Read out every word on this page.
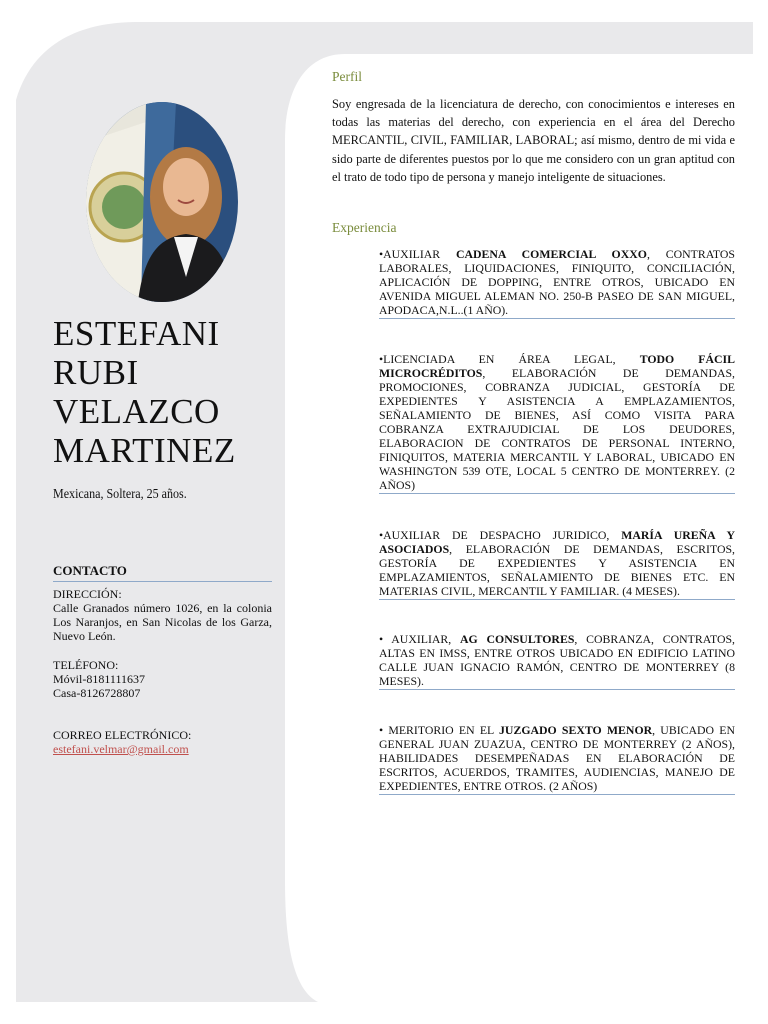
ESTEFANI
RUBI
VELAZCO
MARTINEZ
Mexicana, Soltera, 25 años.
CONTACTO
DIRECCIÓN:
Calle Granados número 1026, en la colonia Los Naranjos, en San Nicolas de los Garza, Nuevo León.
TELÉFONO:
Móvil-8181111637
Casa-8126728807
CORREO ELECTRÓNICO:
estefani.velmar@gmail.com
Perfil
Soy engresada de la licenciatura de derecho, con conocimientos e intereses en todas las materias del derecho, con experiencia en el área del Derecho MERCANTIL, CIVIL, FAMILIAR, LABORAL; así mismo, dentro de mi vida e sido parte de diferentes puestos por lo que me considero con un gran aptitud con el trato de todo tipo de persona y manejo inteligente de situaciones.
Experiencia
•AUXILIAR CADENA COMERCIAL OXXO, CONTRATOS LABORALES, LIQUIDACIONES, FINIQUITO, CONCILIACIÓN, APLICACIÓN DE DOPPING, ENTRE OTROS, UBICADO EN AVENIDA MIGUEL ALEMAN NO. 250-B PASEO DE SAN MIGUEL, APODACA,N.L..(1 AÑO).
•LICENCIADA EN ÁREA LEGAL, TODO FÁCIL MICROCRÉDITOS, ELABORACIÓN DE DEMANDAS, PROMOCIONES, COBRANZA JUDICIAL, GESTORÍA DE EXPEDIENTES Y ASISTENCIA A EMPLAZAMIENTOS, SEÑALAMIENTO DE BIENES, ASÍ COMO VISITA PARA COBRANZA EXTRAJUDICIAL DE LOS DEUDORES, ELABORACION DE CONTRATOS DE PERSONAL INTERNO, FINIQUITOS, MATERIA MERCANTIL Y LABORAL, UBICADO EN WASHINGTON 539 OTE, LOCAL 5 CENTRO DE MONTERREY. (2 AÑOS)
•AUXILIAR DE DESPACHO JURIDICO, MARÍA UREÑA Y ASOCIADOS, ELABORACIÓN DE DEMANDAS, ESCRITOS, GESTORÍA DE EXPEDIENTES Y ASISTENCIA EN EMPLAZAMIENTOS, SEÑALAMIENTO DE BIENES ETC. EN MATERIAS CIVIL, MERCANTIL Y FAMILIAR. (4 MESES).
• AUXILIAR, AG CONSULTORES, COBRANZA, CONTRATOS, ALTAS EN IMSS, ENTRE OTROS UBICADO EN EDIFICIO LATINO CALLE JUAN IGNACIO RAMÓN, CENTRO DE MONTERREY (8 MESES).
• MERITORIO EN EL JUZGADO SEXTO MENOR, UBICADO EN GENERAL JUAN ZUAZUA, CENTRO DE MONTERREY (2 AÑOS), HABILIDADES DESEMPEÑADAS EN ELABORACIÓN DE ESCRITOS, ACUERDOS, TRAMITES, AUDIENCIAS, MANEJO DE EXPEDIENTES, ENTRE OTROS. (2 AÑOS)
